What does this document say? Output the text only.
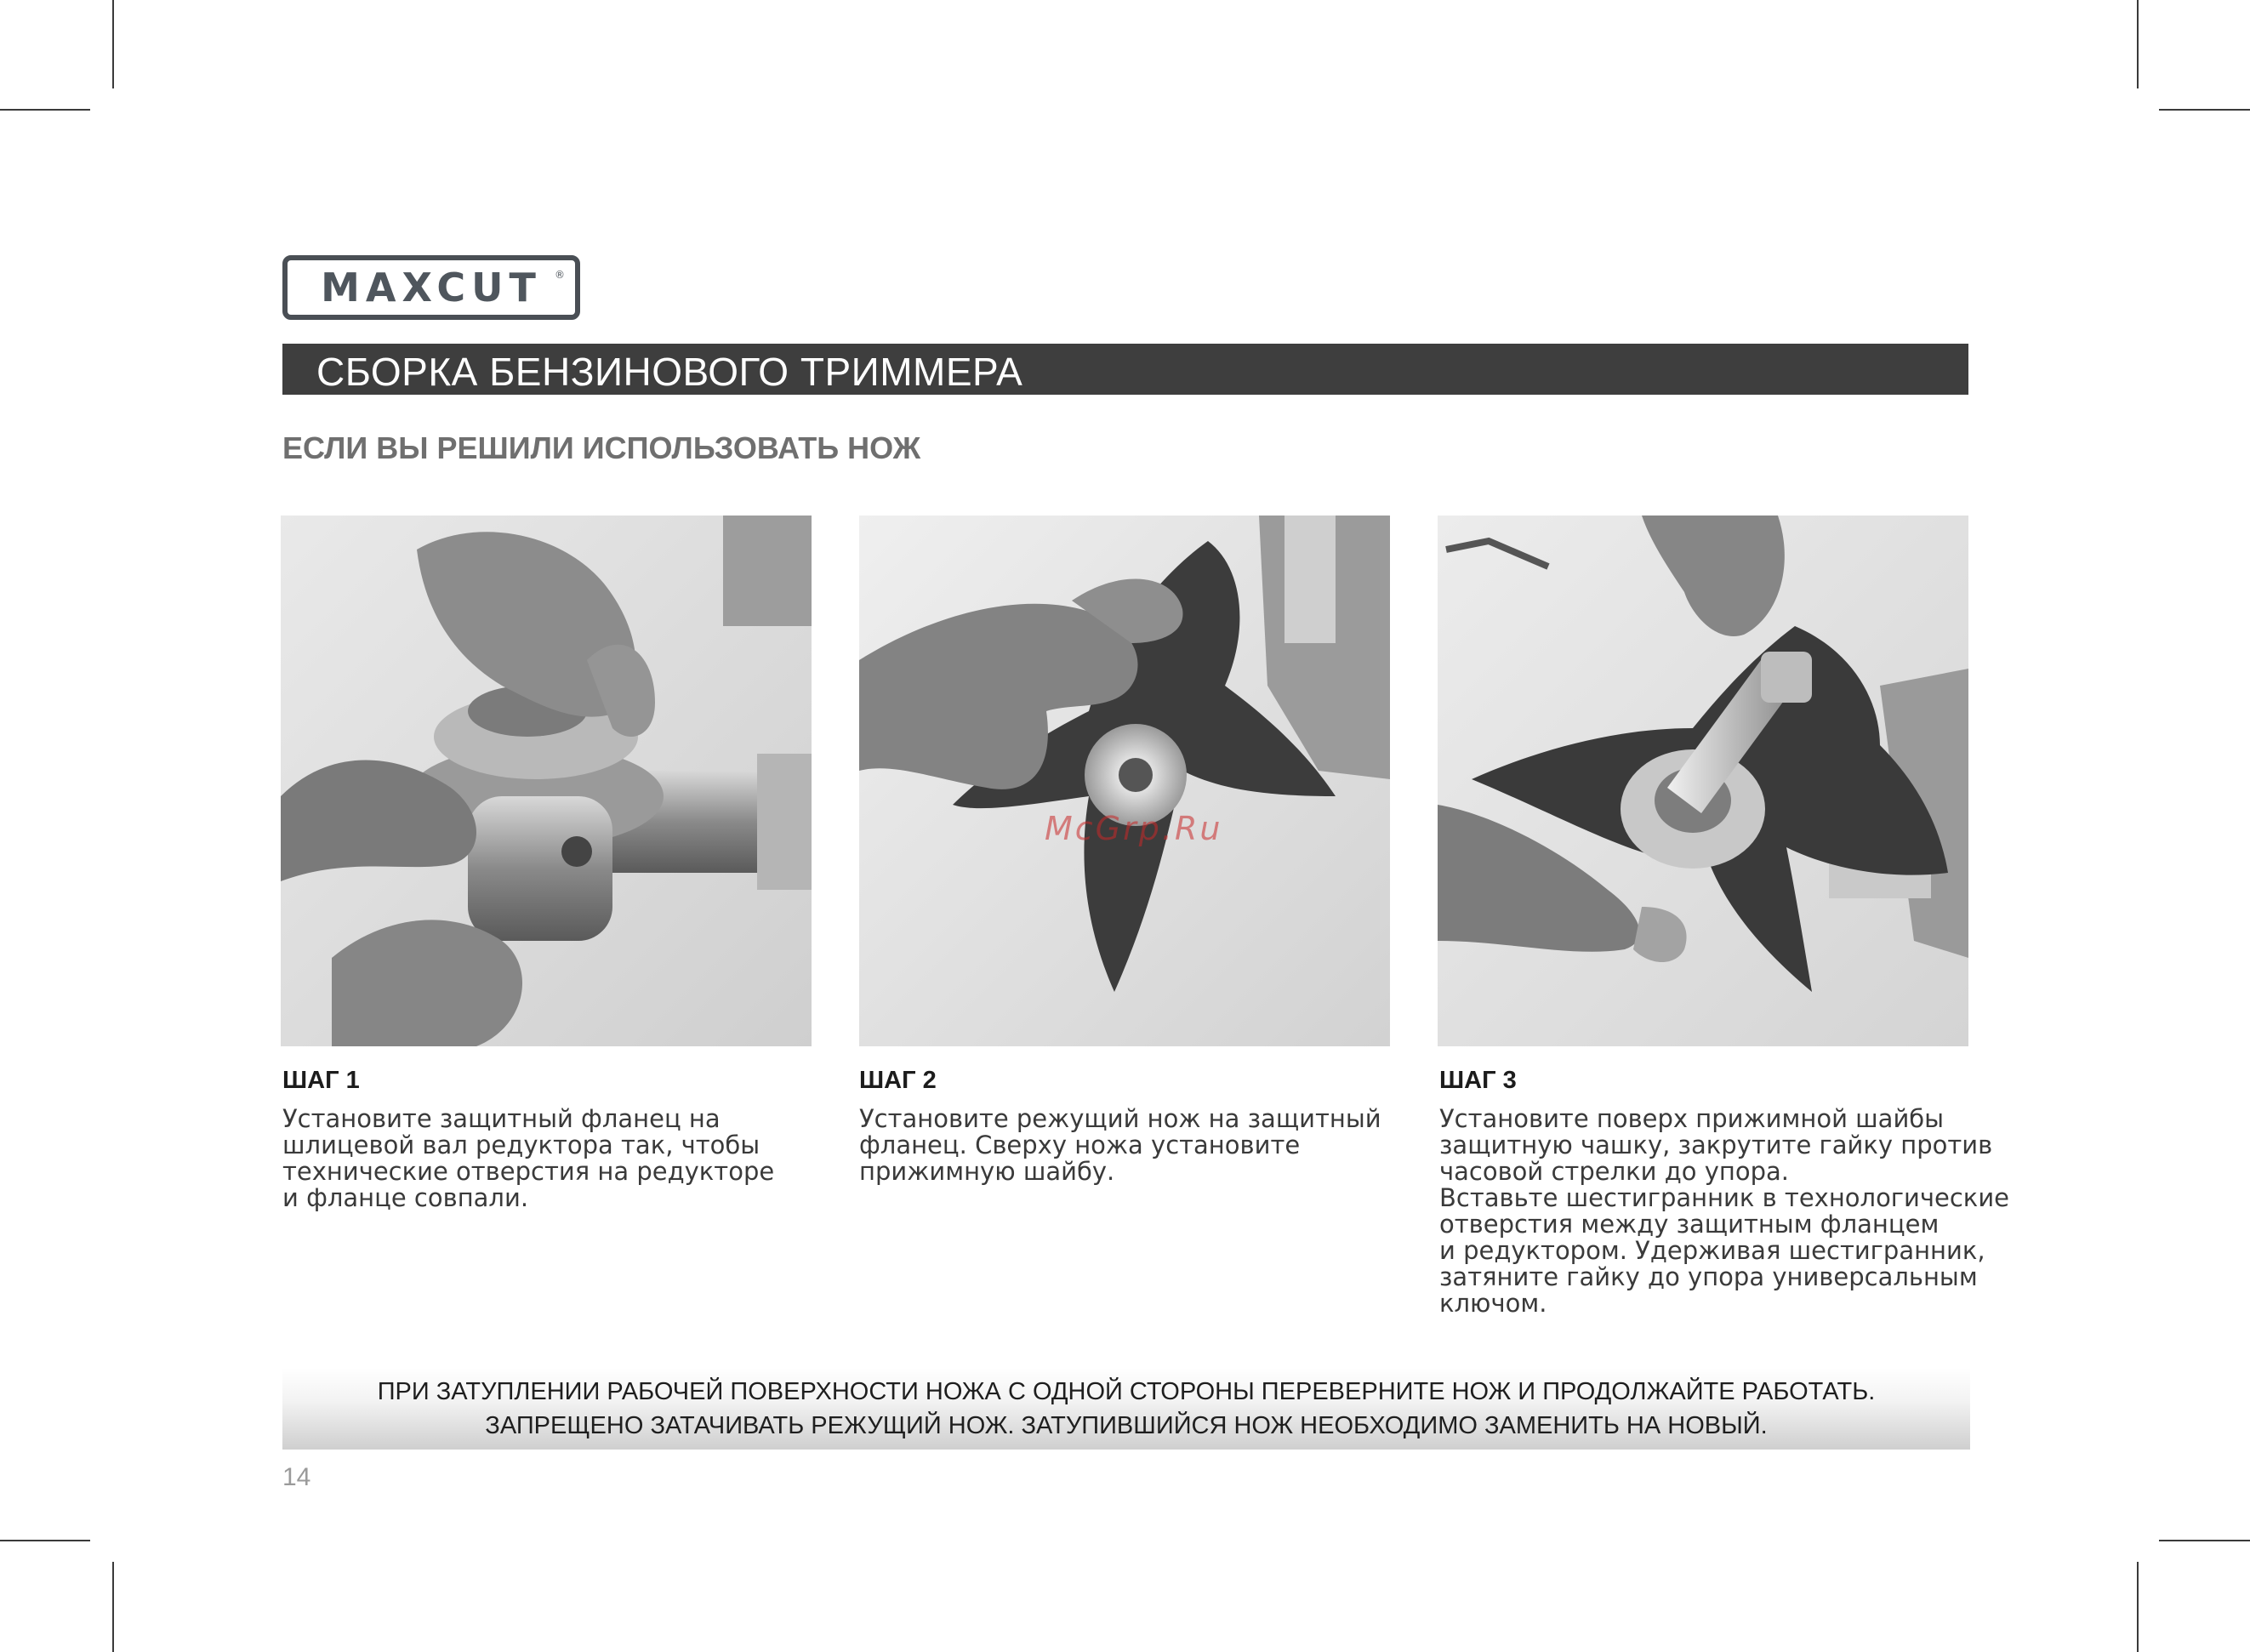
MAXCUT ®
СБОРКА БЕНЗИНОВОГО ТРИММЕРА
ЕСЛИ ВЫ РЕШИЛИ ИСПОЛЬЗОВАТЬ НОЖ
McGrp.Ru
ШАГ 1
Установите защитный фланец на
шлицевой вал редуктора так, чтобы
технические отверстия на редукторе
и фланце совпали.
ШАГ 2
Установите режущий нож на защитный
фланец. Сверху ножа установите
прижимную шайбу.
ШАГ 3
Установите поверх прижимной шайбы
защитную чашку, закрутите гайку против
часовой стрелки до упора.
Вставьте шестигранник в технологические
отверстия между защитным фланцем
и редуктором. Удерживая шестигранник,
затяните гайку до упора универсальным
ключом.
ПРИ ЗАТУПЛЕНИИ РАБОЧЕЙ ПОВЕРХНОСТИ НОЖА С ОДНОЙ СТОРОНЫ ПЕРЕВЕРНИТЕ НОЖ И ПРОДОЛЖАЙТЕ РАБОТАТЬ.
ЗАПРЕЩЕНО ЗАТАЧИВАТЬ РЕЖУЩИЙ НОЖ. ЗАТУПИВШИЙСЯ НОЖ НЕОБХОДИМО ЗАМЕНИТЬ НА НОВЫЙ.
14
